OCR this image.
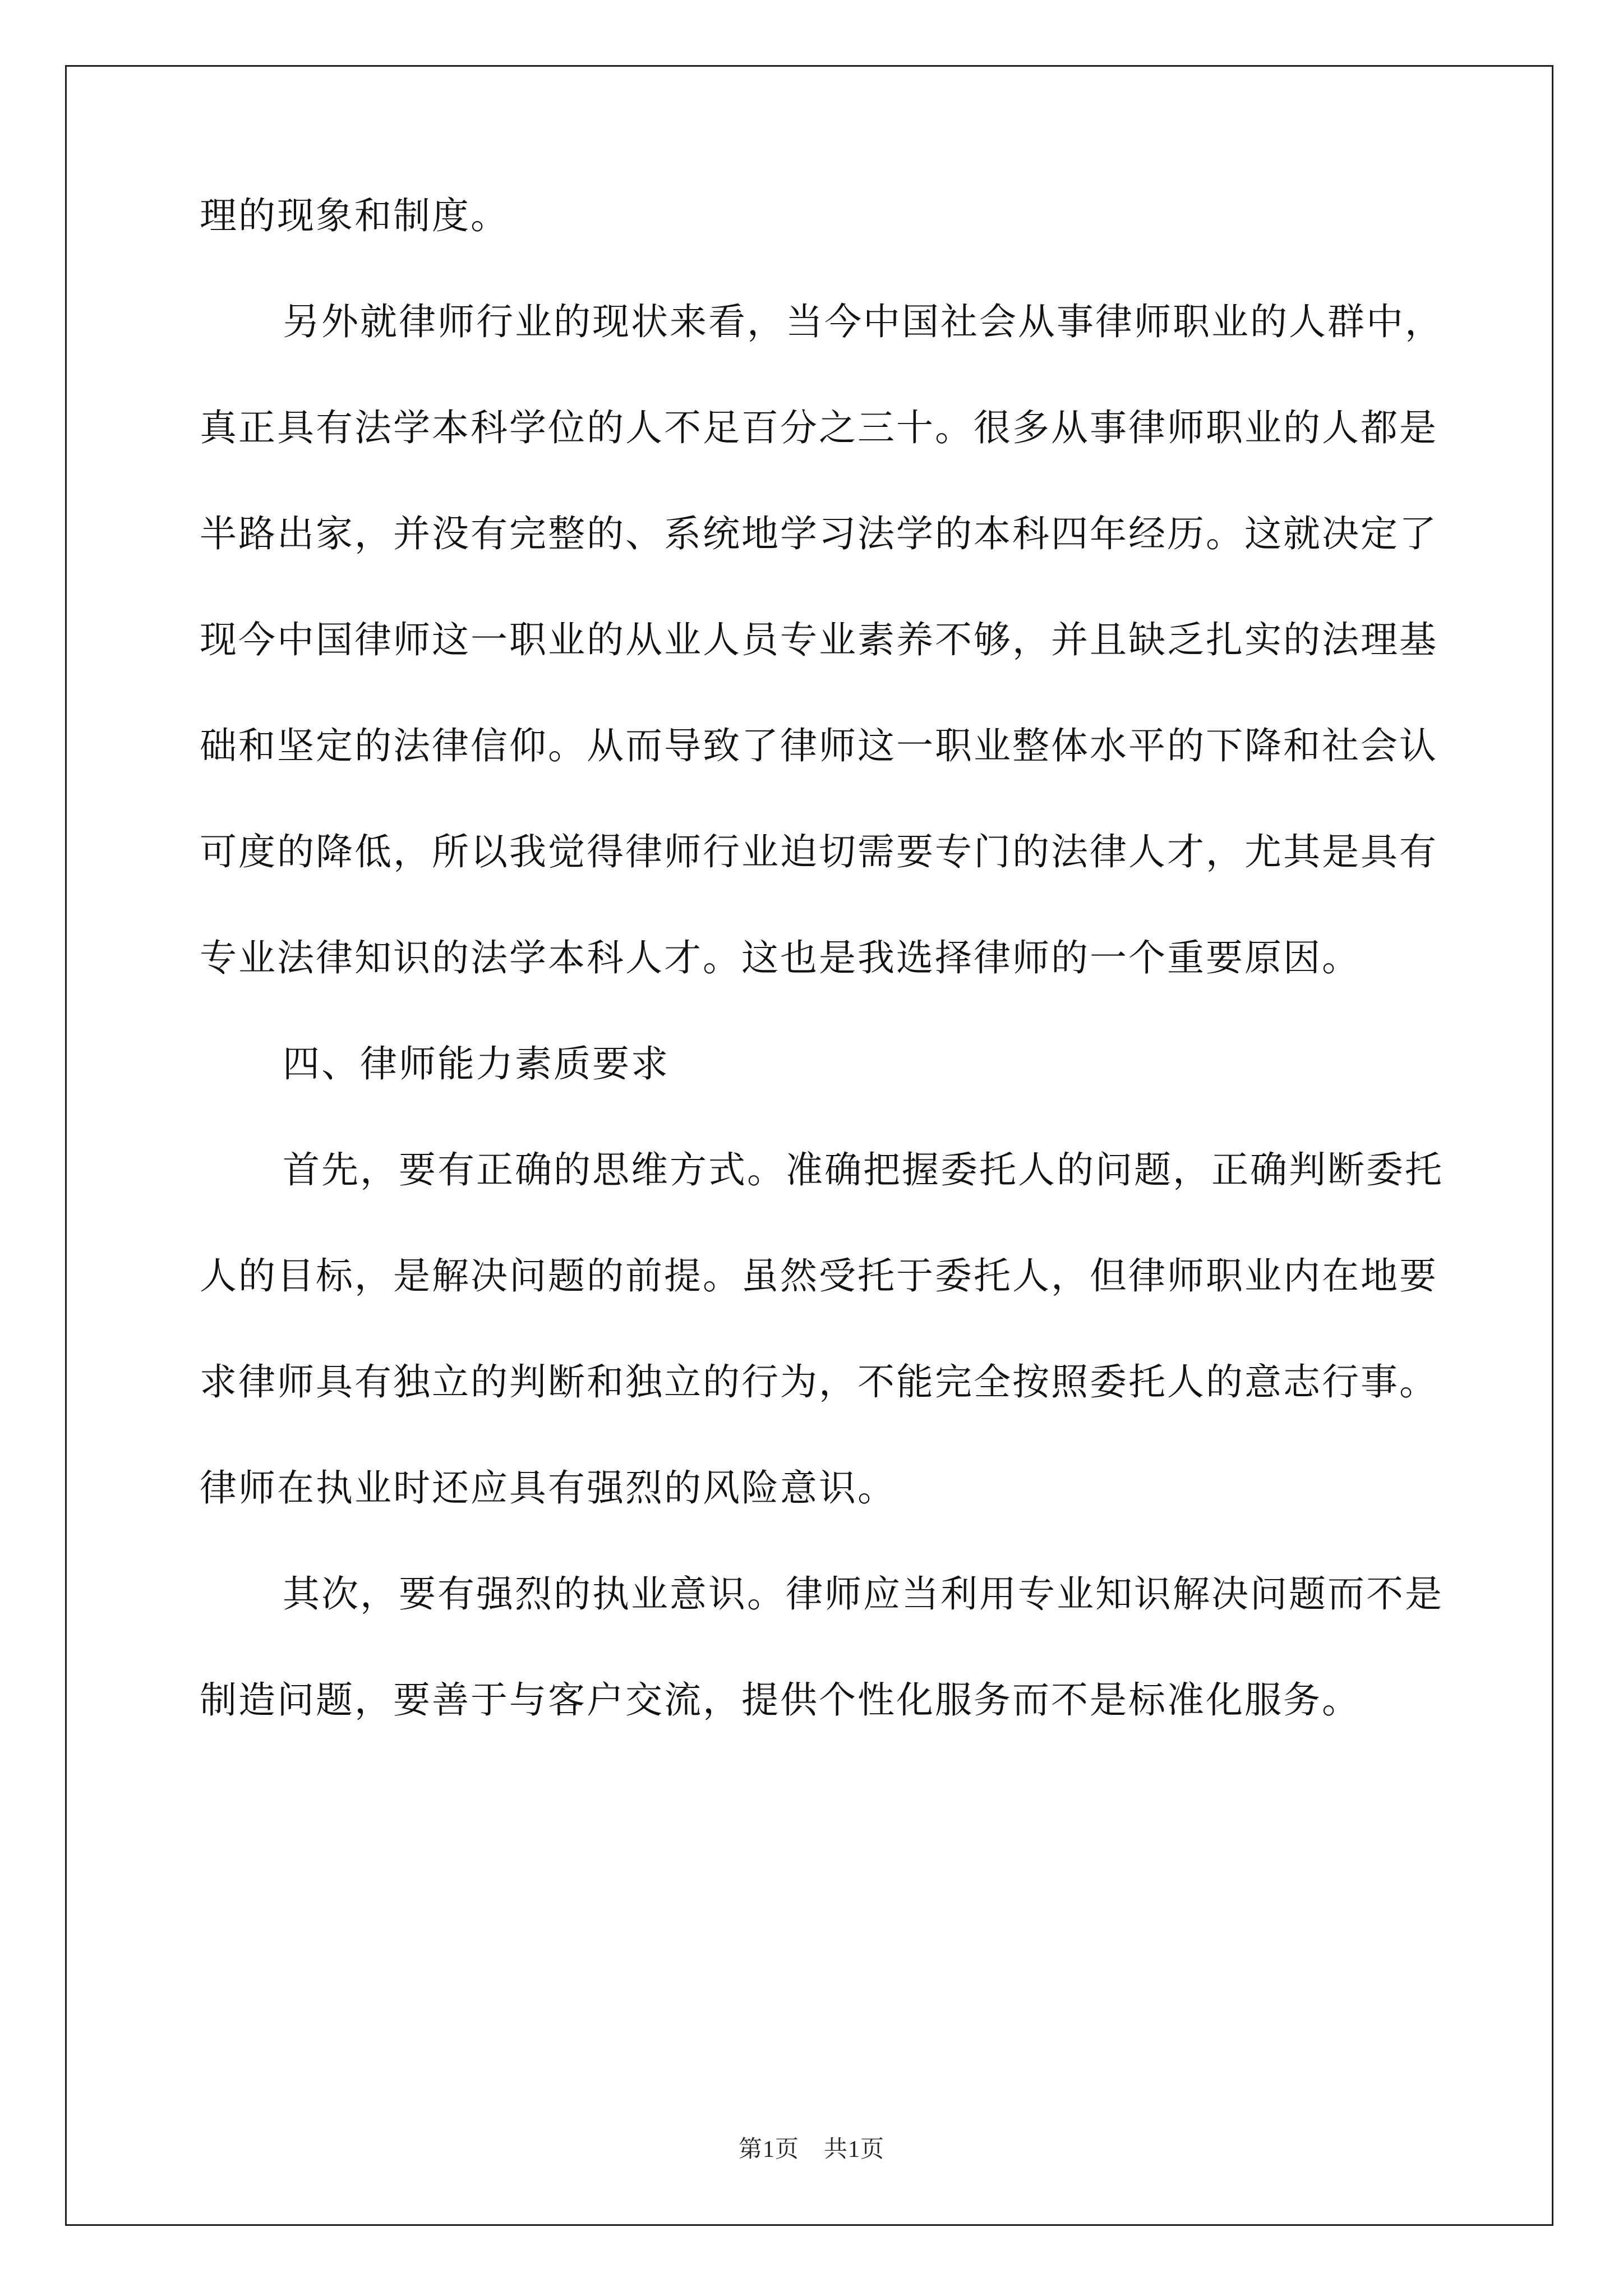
理的现象和制度。

另外就律师行业的现状来看，当今中国社会从事律师职业的人群中，真正具有法学本科学位的人不足百分之三十。很多从事律师职业的人都是半路出家，并没有完整的、系统地学习法学的本科四年经历。这就决定了现今中国律师这一职业的从业人员专业素养不够，并且缺乏扎实的法理基础和坚定的法律信仰。从而导致了律师这一职业整体水平的下降和社会认可度的降低，所以我觉得律师行业迫切需要专门的法律人才，尤其是具有专业法律知识的法学本科人才。这也是我选择律师的一个重要原因。

四、律师能力素质要求

首先，要有正确的思维方式。准确把握委托人的问题，正确判断委托人的目标，是解决问题的前提。虽然受托于委托人，但律师职业内在地要求律师具有独立的判断和独立的行为，不能完全按照委托人的意志行事。律师在执业时还应具有强烈的风险意识。

其次，要有强烈的执业意识。律师应当利用专业知识解决问题而不是制造问题，要善于与客户交流，提供个性化服务而不是标准化服务。

第1页 共1页
